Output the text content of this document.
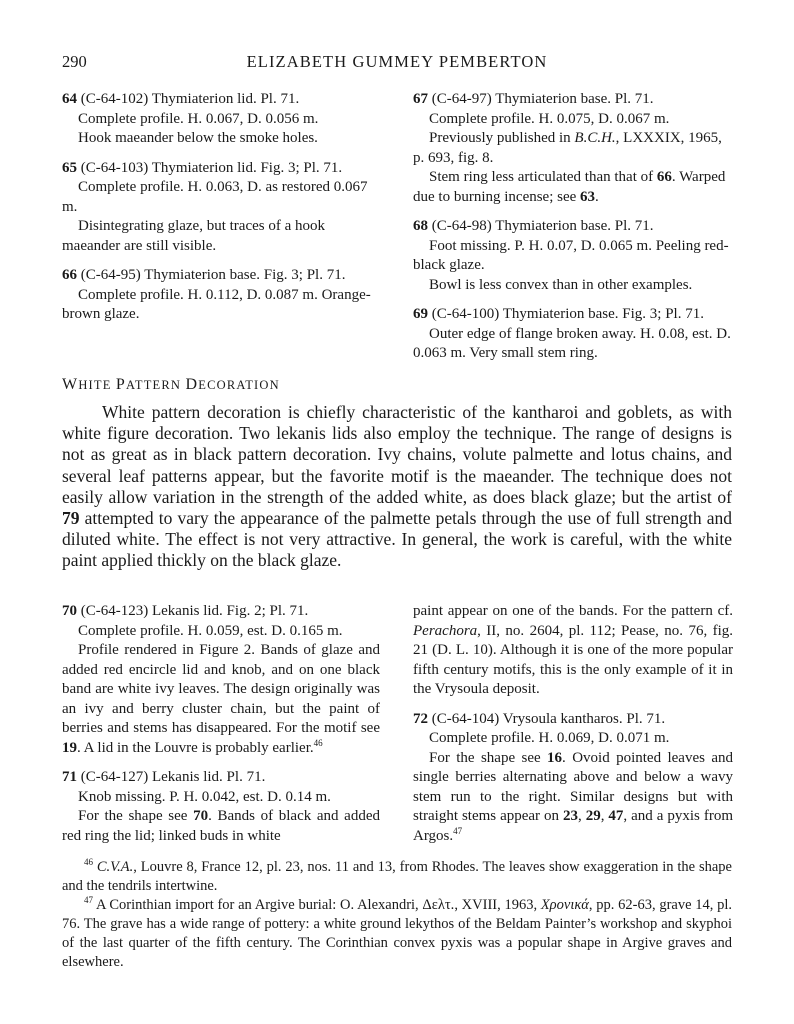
290	ELIZABETH GUMMEY PEMBERTON

64 (C-64-102) Thymiaterion lid. Pl. 71.

Complete profile. H. 0.067, D. 0.056 m.

Hook maeander below the smoke holes.

65 (C-64-103) Thymiaterion lid. Fig. 3; Pl. 71.

Complete profile. H. 0.063, D. as restored 0.067 m.

Disintegrating glaze, but traces of a hook maeander are still visible.

66 (C-64-95) Thymiaterion base. Fig. 3; Pl. 71.

Complete profile. H. 0.112, D. 0.087 m. Orange-brown glaze.

67 (C-64-97) Thymiaterion base. Pl. 71.

Complete profile. H. 0.075, D. 0.067 m.

Previously published in B.C.H., LXXXIX, 1965, p. 693, fig. 8.

Stem ring less articulated than that of 66. Warped due to burning incense; see 63.

68 (C-64-98) Thymiaterion base. Pl. 71.

Foot missing. P. H. 0.07, D. 0.065 m. Peeling red-black glaze.

Bowl is less convex than in other examples.

69 (C-64-100) Thymiaterion base. Fig. 3; Pl. 71.

Outer edge of flange broken away. H. 0.08, est. D. 0.063 m. Very small stem ring.

WHITE PATTERN DECORATION

White pattern decoration is chiefly characteristic of the kantharoi and goblets, as with white figure decoration. Two lekanis lids also employ the technique. The range of designs is not as great as in black pattern decoration. Ivy chains, volute palmette and lotus chains, and several leaf patterns appear, but the favorite motif is the maeander. The technique does not easily allow variation in the strength of the added white, as does black glaze; but the artist of 79 attempted to vary the appearance of the palmette petals through the use of full strength and diluted white. The effect is not very attractive. In general, the work is careful, with the white paint applied thickly on the black glaze.

70 (C-64-123) Lekanis lid. Fig. 2; Pl. 71.

Complete profile. H. 0.059, est. D. 0.165 m.

Profile rendered in Figure 2. Bands of glaze and added red encircle lid and knob, and on one black band are white ivy leaves. The design originally was an ivy and berry cluster chain, but the paint of berries and stems has disappeared. For the motif see 19. A lid in the Louvre is probably earlier.$^{46}$

71 (C-64-127) Lekanis lid. Pl. 71.

Knob missing. P. H. 0.042, est. D. 0.14 m.

For the shape see 70. Bands of black and added red ring the lid; linked buds in white

paint appear on one of the bands. For the pattern cf. Perachora, II, no. 2604, pl. 112; Pease, no. 76, fig. 21 (D. L. 10). Although it is one of the more popular fifth century motifs, this is the only example of it in the Vrysoula deposit.

72 (C-64-104) Vrysoula kantharos. Pl. 71.

Complete profile. H. 0.069, D. 0.071 m.

For the shape see 16. Ovoid pointed leaves and single berries alternating above and below a wavy stem run to the right. Similar designs but with straight stems appear on 23, 29, 47, and a pyxis from Argos.$^{47}$

$^{46}$ C.V.A., Louvre 8, France 12, pl. 23, nos. 11 and 13, from Rhodes. The leaves show exaggeration in the shape and the tendrils intertwine.

$^{47}$ A Corinthian import for an Argive burial: O. Alexandri, Δελτ., XVIII, 1963, Χρονικά, pp. 62-63, grave 14, pl. 76. The grave has a wide range of pottery: a white ground lekythos of the Beldam Painter’s workshop and skyphoi of the last quarter of the fifth century. The Corinthian convex pyxis was a popular shape in Argive graves and elsewhere.
